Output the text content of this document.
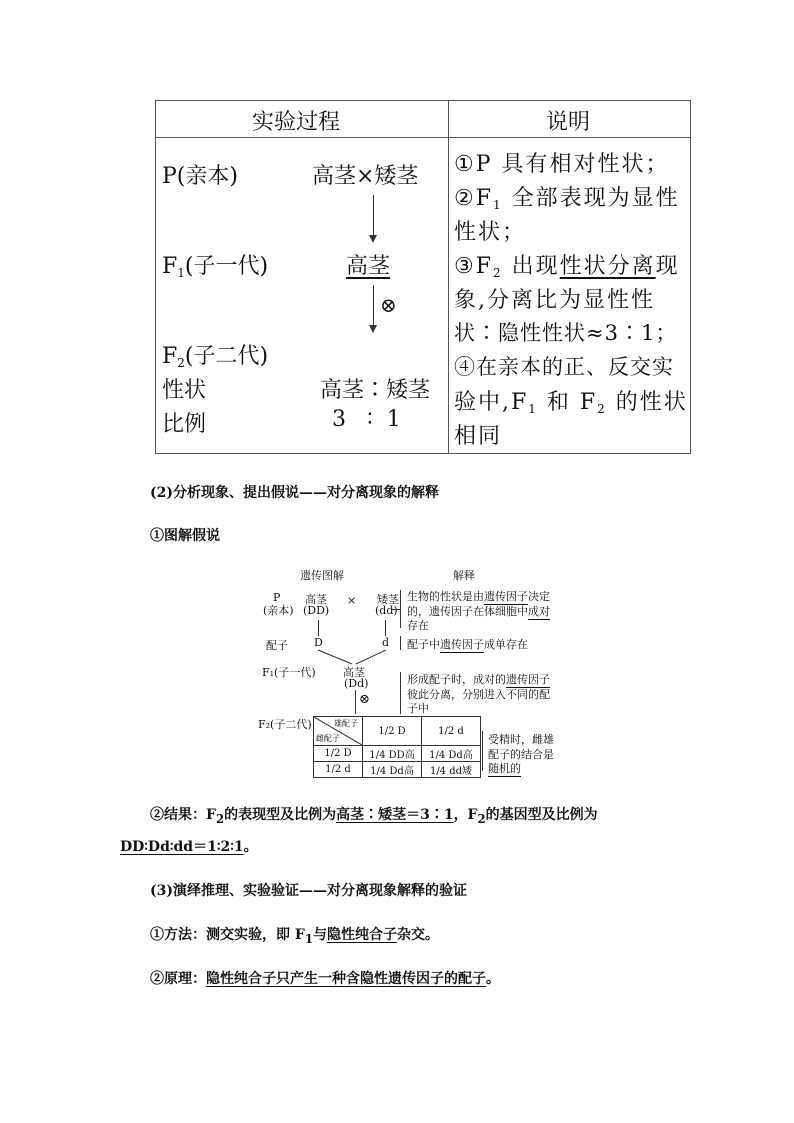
实验过程	说明
P(亲本)	高茎×矮茎
$F_1$(子一代)	高茎
⊗
$F_2$(子二代)
性状	高茎∶矮茎
比例	3   ∶  1
①P 具有相对性状；
$②F_1$ 全部表现为显性
性状；
$③F_2$ 出现性状分离现
象,分离比为显性性
状∶隐性性状≈3∶1；
④在亲本的正、反交实
验中$,F_1$ 和 $F_2$ 的性状
相同
(2)分析现象、提出假说——对分离现象的解释
①图解假说
遗传图解	解释
P
(亲本)
高茎
(DD)
× 矮茎
(dd)
生物的性状是由遗传因子决定
的，遗传因子在体细胞中成对
存在
配子 D	d 配子中遗传因子成单存在
F₁(子一代) 高茎
(Dd)
⊗
形成配子时，成对的遗传因子
彼此分离，分别进入不同的配
子中
F₂(子二代)	雄配子
雌配子	1/2 D	1/2 d
1/2 D	1/4 DD高	1/4 Dd高
1/2 d	1/4 Dd高	1/4 dd矮
受精时，雌雄
配子的结合是
随机的
②结果：$F_2$的表现型及比例为高茎∶矮茎＝3∶1，$F_2$的基因型及比例为
DD∶Dd∶dd＝1∶2∶1。
(3)演绎推理、实验验证——对分离现象解释的验证
①方法：测交实验，即 $F_1$与隐性纯合子杂交。
②原理：隐性纯合子只产生一种含隐性遗传因子的配子。
